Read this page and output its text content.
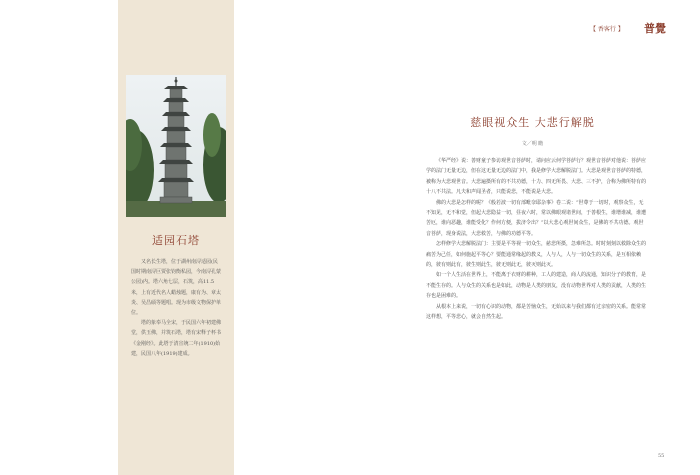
适园石塔

又名长生塔，位于湖州南浔适园(民国时期南浔巨贾张钧衡私园，今南浔孔蒙公园)内。塔六角七层，石筑，高11.5米，上有近代名人蜡烛题，康有为、章太炎、吴昌硕等题唱。现为市级文物保护单位。

塔的象奉马全宋，于民国六年初建佛堂，供玉佛，并筑石塔，塔有宋释子杯书《金刚经》。此塔于清宣统二年(1910)始建，民国八年(1919)建成。

【 香客行 】 普覺
慈眼视众生 大悲行解脱
文／明 瞻

《华严经》说：善财童子参访观世音菩萨时，请问应云何学菩萨行？观世音菩萨对他说：菩萨应学的法门无量无边，但在这无量无边的法门中，我是修学大悲解脱法门。大悲是观世音菩萨的特德，被称为大悲观世音。大悲遍摄所有的不共功德，十力、四无所畏、大悲、三不护，合称为佛所特有的十八不共法。凡夫和声闻圣者，只能说悲，不能说是大悲。

佛的大悲是怎样的呢？《般若波一切有部毗奈耶杂事》卷二说：“世尊于一切时，观察众生，无不知见，无不和觉，但起大悲隐益一切，昼夜六时，常以佛眼观诸世间，于善根生，谁增谁减，谁遭苦厄，谁向恶趣，谁能受化？作何方便，拔济令出？”以大悲心观世间众生，是佛的不共功德。观世音菩萨，现身说法，大悲救苦，与佛的功德平等。

怎样修学大悲解脱法门：主要是平等视一切众生，慈悲所摄，急难所急。时时刻刻以救除众生的痛苦为己任，如何施起平等心？要能通常缘起的教义，人与人，人与一切众生的关系，是互相依赖的，彼有则此有，彼生则此生，彼无则此无，彼灭则此灭。

如一个人生活在世界上，不能离于衣财的耕种，工人的建造，商人的流通，知识分子的教育，是不能生存的。人与众生的关系也是如此，动物是人类的朋友，没有动物世界对人类的贡献，人类的生存也是困难的。

从根本上来说，一切有心识的动物，都是苦恼众生，无始以来与我们都有过亲密的关系。能常常这样想，平等悲心，就会自然生起。

55
